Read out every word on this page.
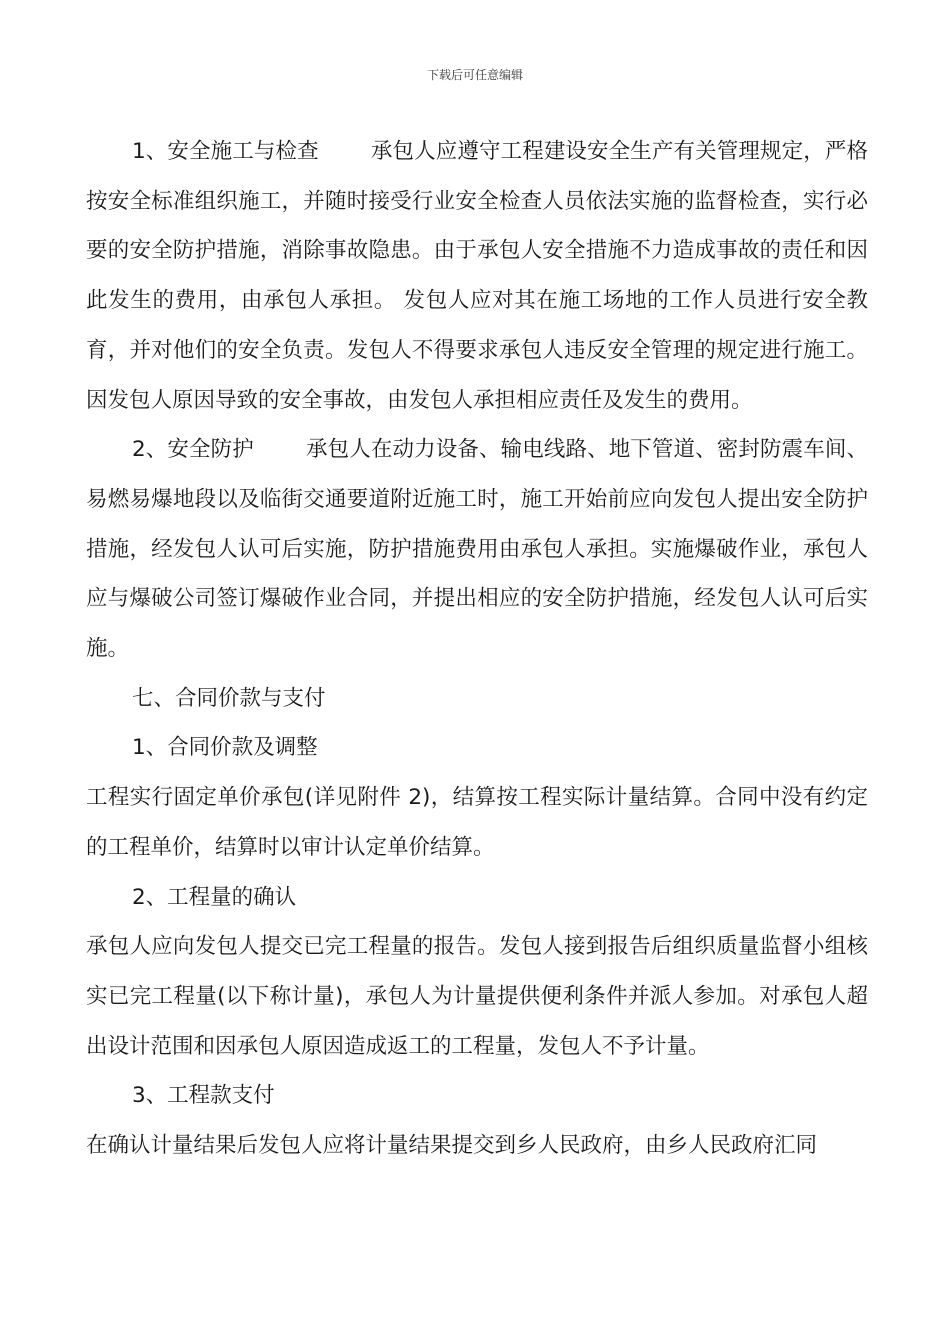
下载后可任意编辑

1、安全施工与检查 承包人应遵守工程建设安全生产有关管理规定，严格按安全标准组织施工，并随时接受行业安全检查人员依法实施的监督检查，实行必要的安全防护措施，消除事故隐患。由于承包人安全措施不力造成事故的责任和因此发生的费用，由承包人承担。 发包人应对其在施工场地的工作人员进行安全教育，并对他们的安全负责。发包人不得要求承包人违反安全管理的规定进行施工。因发包人原因导致的安全事故，由发包人承担相应责任及发生的费用。

2、安全防护 承包人在动力设备、输电线路、地下管道、密封防震车间、易燃易爆地段以及临街交通要道附近施工时，施工开始前应向发包人提出安全防护措施，经发包人认可后实施，防护措施费用由承包人承担。实施爆破作业，承包人应与爆破公司签订爆破作业合同，并提出相应的安全防护措施，经发包人认可后实施。

七、合同价款与支付

1、合同价款及调整

工程实行固定单价承包(详见附件 2)，结算按工程实际计量结算。合同中没有约定的工程单价，结算时以审计认定单价结算。

2、工程量的确认

承包人应向发包人提交已完工程量的报告。发包人接到报告后组织质量监督小组核实已完工程量(以下称计量)，承包人为计量提供便利条件并派人参加。对承包人超出设计范围和因承包人原因造成返工的工程量，发包人不予计量。

3、工程款支付

在确认计量结果后发包人应将计量结果提交到乡人民政府，由乡人民政府汇同
